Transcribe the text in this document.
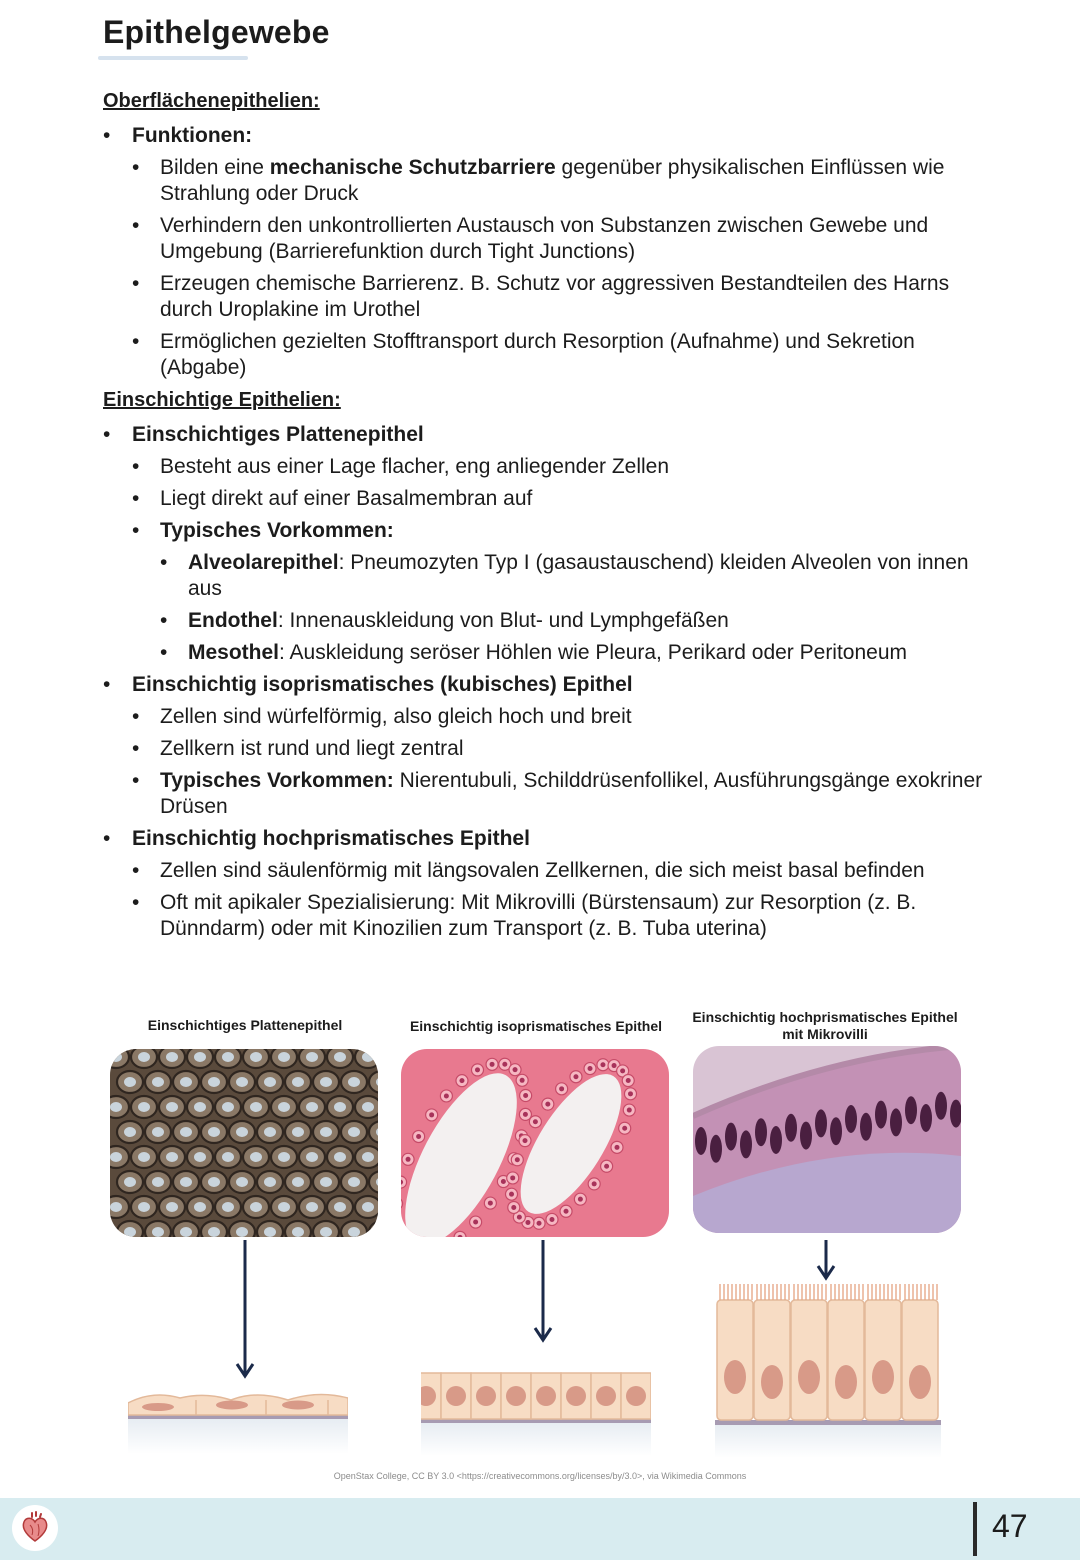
Epithelgewebe
Oberflächenepithelien:
• Funktionen:
• Bilden eine mechanische Schutzbarriere gegenüber physikalischen Einflüssen wie Strahlung oder Druck
• Verhindern den unkontrollierten Austausch von Substanzen zwischen Gewebe und Umgebung (Barrierefunktion durch Tight Junctions)
• Erzeugen chemische Barrierenz. B. Schutz vor aggressiven Bestandteilen des Harns durch Uroplakine im Urothel
• Ermöglichen gezielten Stofftransport durch Resorption (Aufnahme) und Sekretion (Abgabe)
Einschichtige Epithelien:
• Einschichtiges Plattenepithel
• Besteht aus einer Lage flacher, eng anliegender Zellen
• Liegt direkt auf einer Basalmembran auf
• Typisches Vorkommen:
• Alveolarepithel: Pneumozyten Typ I (gasaustauschend) kleiden Alveolen von innen aus
• Endothel: Innenauskleidung von Blut- und Lymphgefäßen
• Mesothel: Auskleidung seröser Höhlen wie Pleura, Perikard oder Peritoneum
• Einschichtig isoprismatisches (kubisches) Epithel
• Zellen sind würfelförmig, also gleich hoch und breit
• Zellkern ist rund und liegt zentral
• Typisches Vorkommen: Nierentubuli, Schilddrüsenfollikel, Ausführungsgänge exokriner Drüsen
• Einschichtig hochprismatisches Epithel
• Zellen sind säulenförmig mit längsovalen Zellkernen, die sich meist basal befinden
• Oft mit apikaler Spezialisierung: Mit Mikrovilli (Bürstensaum) zur Resorption (z. B. Dünndarm) oder mit Kinozilien zum Transport (z. B. Tuba uterina)
Einschichtiges Plattenepithel	Einschichtig isoprismatisches Epithel
Einschichtig hochprismatisches Epithel
mit Mikrovilli
OpenStax College, CC BY 3.0 <https://creativecommons.org/licenses/by/3.0>, via Wikimedia Commons
47
